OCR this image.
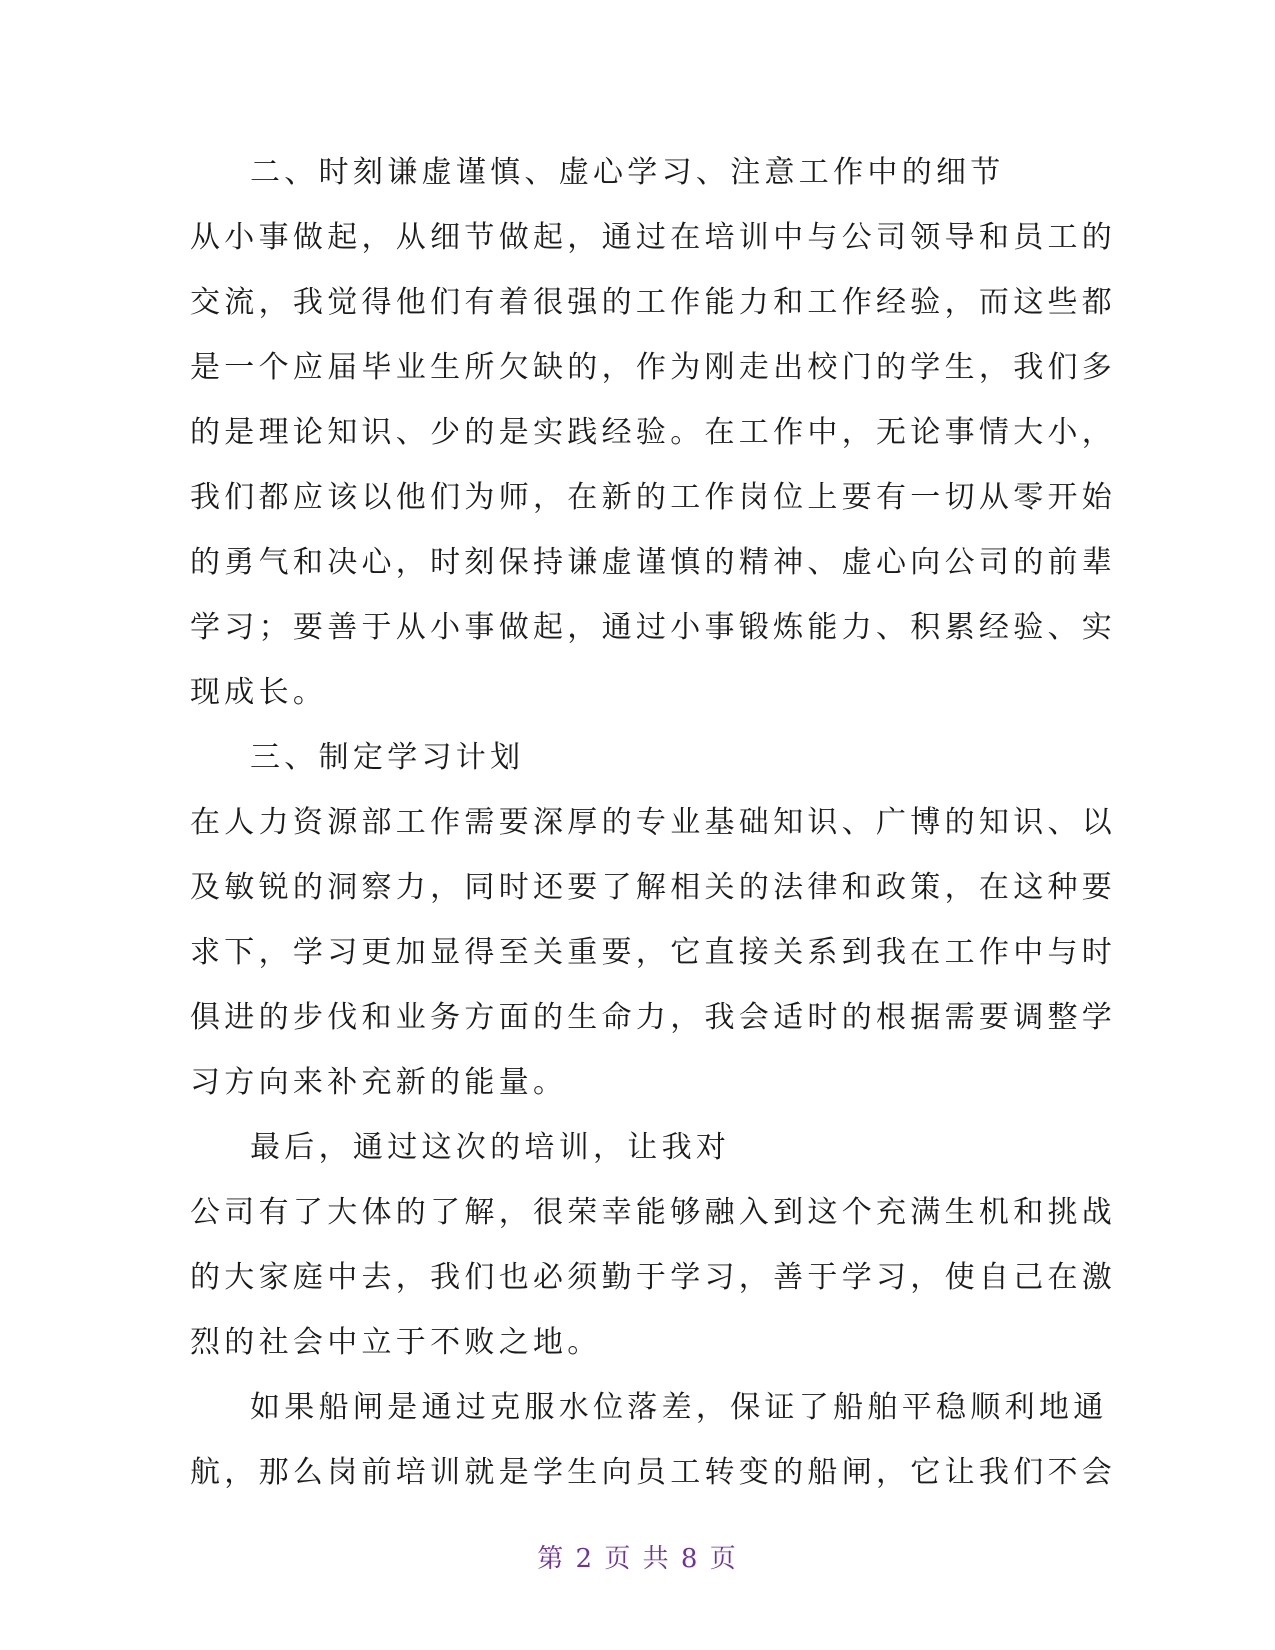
二、时刻谦虚谨慎、虚心学习、注意工作中的细节
从小事做起，从细节做起，通过在培训中与公司领导和员工的
交流，我觉得他们有着很强的工作能力和工作经验，而这些都
是一个应届毕业生所欠缺的，作为刚走出校门的学生，我们多
的是理论知识、少的是实践经验。在工作中，无论事情大小，
我们都应该以他们为师，在新的工作岗位上要有一切从零开始
的勇气和决心，时刻保持谦虚谨慎的精神、虚心向公司的前辈
学习；要善于从小事做起，通过小事锻炼能力、积累经验、实
现成长。
三、制定学习计划
在人力资源部工作需要深厚的专业基础知识、广博的知识、以
及敏锐的洞察力，同时还要了解相关的法律和政策，在这种要
求下，学习更加显得至关重要，它直接关系到我在工作中与时
俱进的步伐和业务方面的生命力，我会适时的根据需要调整学
习方向来补充新的能量。
最后，通过这次的培训，让我对
公司有了大体的了解，很荣幸能够融入到这个充满生机和挑战
的大家庭中去，我们也必须勤于学习，善于学习，使自己在激
烈的社会中立于不败之地。
如果船闸是通过克服水位落差，保证了船舶平稳顺利地通
航，那么岗前培训就是学生向员工转变的船闸，它让我们不会
第 2 页 共 8 页
